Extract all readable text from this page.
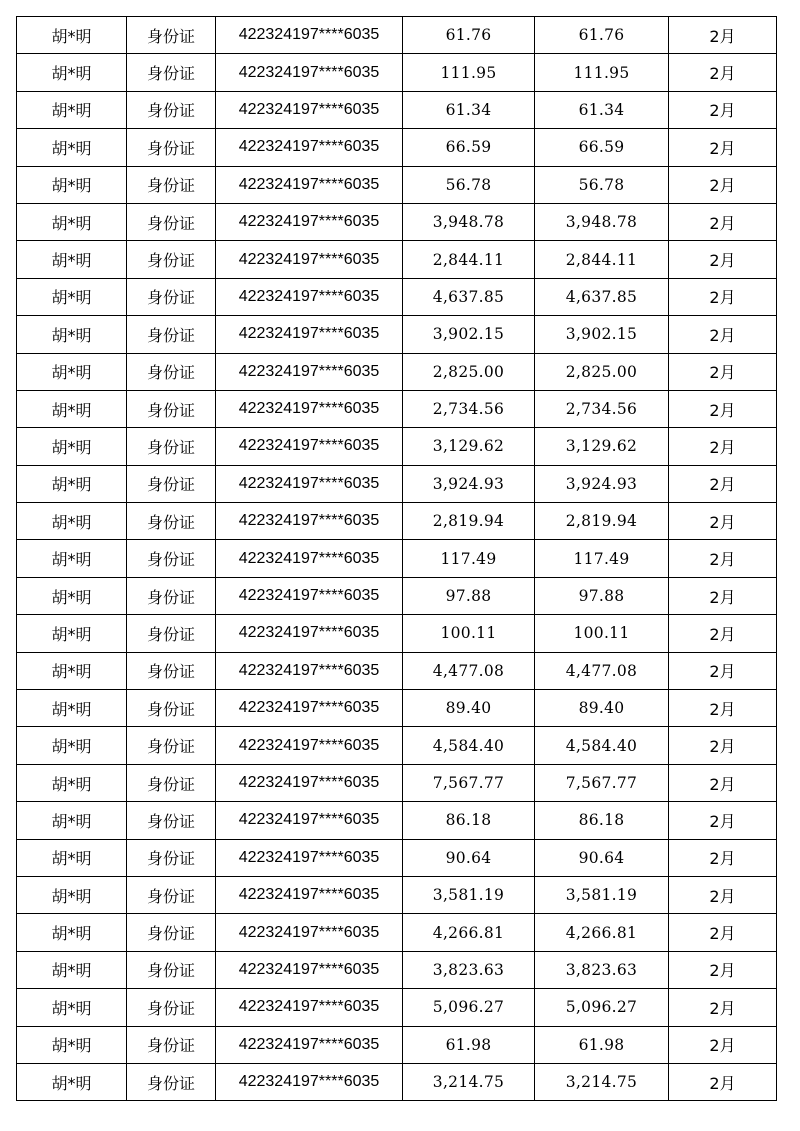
胡*明	身份证	422324197****6035	61.76	61.76	2月
胡*明	身份证	422324197****6035	111.95	111.95	2月
胡*明	身份证	422324197****6035	61.34	61.34	2月
胡*明	身份证	422324197****6035	66.59	66.59	2月
胡*明	身份证	422324197****6035	56.78	56.78	2月
胡*明	身份证	422324197****6035	3,948.78	3,948.78	2月
胡*明	身份证	422324197****6035	2,844.11	2,844.11	2月
胡*明	身份证	422324197****6035	4,637.85	4,637.85	2月
胡*明	身份证	422324197****6035	3,902.15	3,902.15	2月
胡*明	身份证	422324197****6035	2,825.00	2,825.00	2月
胡*明	身份证	422324197****6035	2,734.56	2,734.56	2月
胡*明	身份证	422324197****6035	3,129.62	3,129.62	2月
胡*明	身份证	422324197****6035	3,924.93	3,924.93	2月
胡*明	身份证	422324197****6035	2,819.94	2,819.94	2月
胡*明	身份证	422324197****6035	117.49	117.49	2月
胡*明	身份证	422324197****6035	97.88	97.88	2月
胡*明	身份证	422324197****6035	100.11	100.11	2月
胡*明	身份证	422324197****6035	4,477.08	4,477.08	2月
胡*明	身份证	422324197****6035	89.40	89.40	2月
胡*明	身份证	422324197****6035	4,584.40	4,584.40	2月
胡*明	身份证	422324197****6035	7,567.77	7,567.77	2月
胡*明	身份证	422324197****6035	86.18	86.18	2月
胡*明	身份证	422324197****6035	90.64	90.64	2月
胡*明	身份证	422324197****6035	3,581.19	3,581.19	2月
胡*明	身份证	422324197****6035	4,266.81	4,266.81	2月
胡*明	身份证	422324197****6035	3,823.63	3,823.63	2月
胡*明	身份证	422324197****6035	5,096.27	5,096.27	2月
胡*明	身份证	422324197****6035	61.98	61.98	2月
胡*明	身份证	422324197****6035	3,214.75	3,214.75	2月
